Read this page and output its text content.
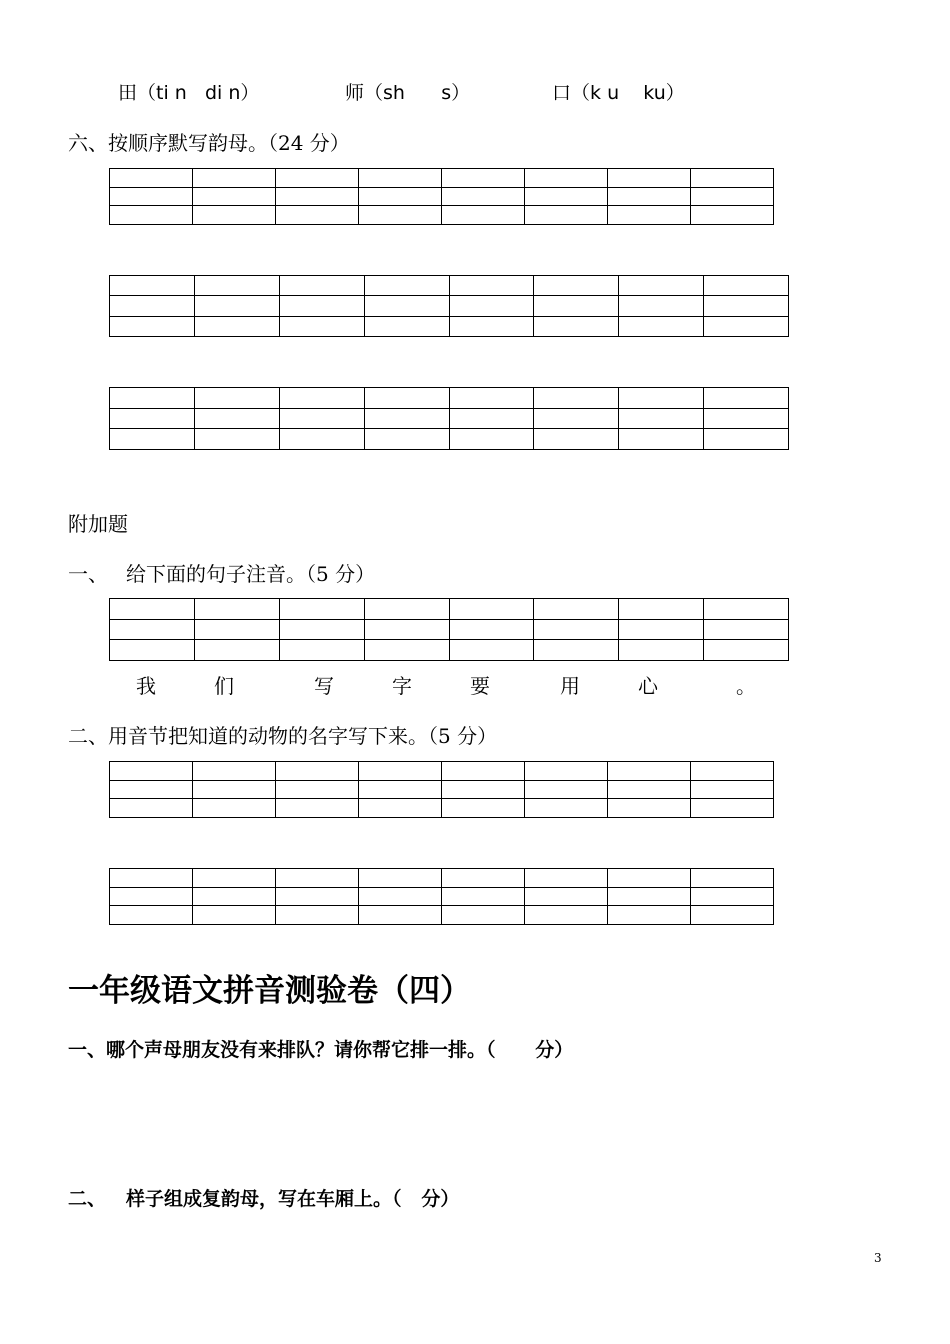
田（ti n   di n）	师（sh      s）	口（k u    ku）
六、按顺序默写韵母。（24 分）

附加题
一、 给下面的句子注音。（5 分）

我	们	写	字	要	用	心	。
二、用音节把知道的动物的名字写下来。（5 分）

一年级语文拼音测验卷（四）
一、哪个声母朋友没有来排队？请你帮它排一排。（      分）
二、 样子组成复韵母，写在车厢上。（   分）
3
